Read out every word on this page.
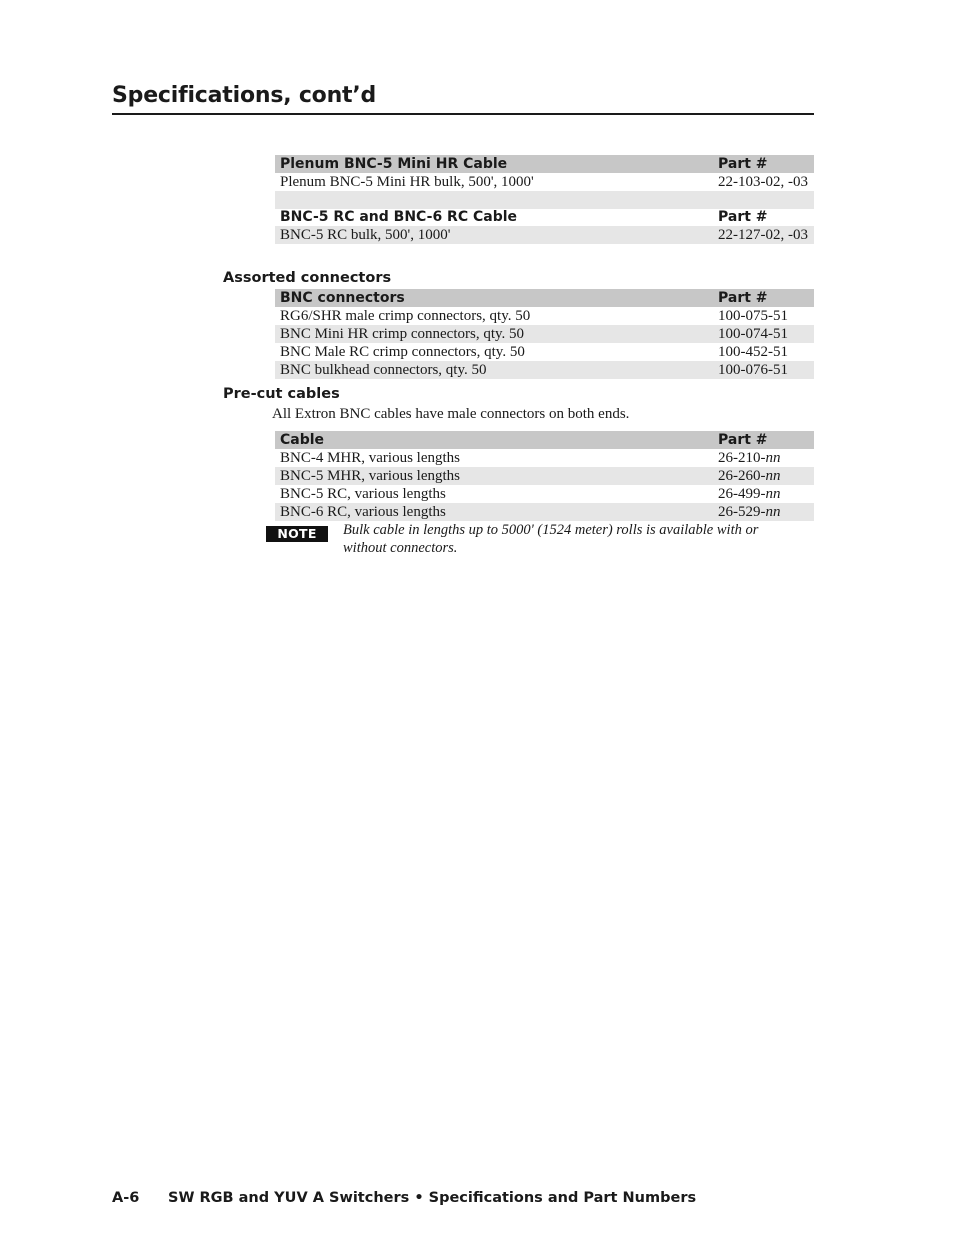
Specifications, cont’d
Plenum BNC-5 Mini HR Cable	Part #
Plenum BNC-5 Mini HR bulk, 500', 1000'	22-103-02, -03
BNC-5 RC and BNC-6 RC Cable	Part #
BNC-5 RC bulk, 500', 1000'	22-127-02, -03
Assorted connectors
BNC connectors	Part #
RG6/SHR male crimp connectors, qty. 50	100-075-51
BNC Mini HR crimp connectors, qty. 50	100-074-51
BNC Male RC crimp connectors, qty. 50	100-452-51
BNC bulkhead connectors, qty. 50	100-076-51
Pre-cut cables
All Extron BNC cables have male connectors on both ends.
Cable	Part #
BNC-4 MHR, various lengths	26-210-nn
BNC-5 MHR, various lengths	26-260-nn
BNC-5 RC, various lengths	26-499-nn
BNC-6 RC, various lengths	26-529-nn
NOTE	Bulk cable in lengths up to 5000' (1524 meter) rolls is available with or without connectors.
A-6 SW RGB and YUV A Switchers • Specifications and Part Numbers
